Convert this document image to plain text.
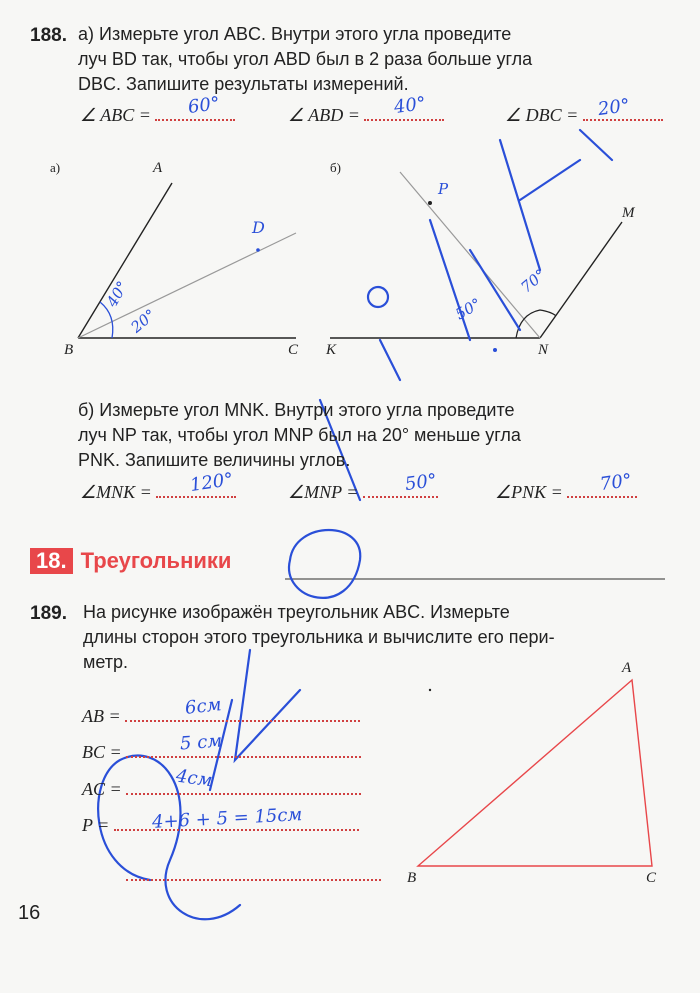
188. а) Измерьте угол ABC. Внутри этого угла проведите
луч BD так, чтобы угол ABD был в 2 раза больше угла
DBC. Запишите результаты измерений.
∠ ABC =	60°	∠ ABD =	40°	∠ DBC =	20°
а)	б)
A
B	C
D
40°
20°
K	N
M
P
70°
50°
б) Измерьте угол MNK. Внутри этого угла проведите
луч NP так, чтобы угол MNP был на 20° меньше угла
PNK. Запишите величины углов.
∠MNK =	120°	∠MNP =	50°	∠PNK =	70°
18. Треугольники
189. На рисунке изображён треугольник ABC. Измерьте
длины сторон этого треугольника и вычислите его пери-
метр.
AB =	6см
BC =	5 см
AC =	4см
P =	4+6 + 5 = 15см
A
B	C
16
